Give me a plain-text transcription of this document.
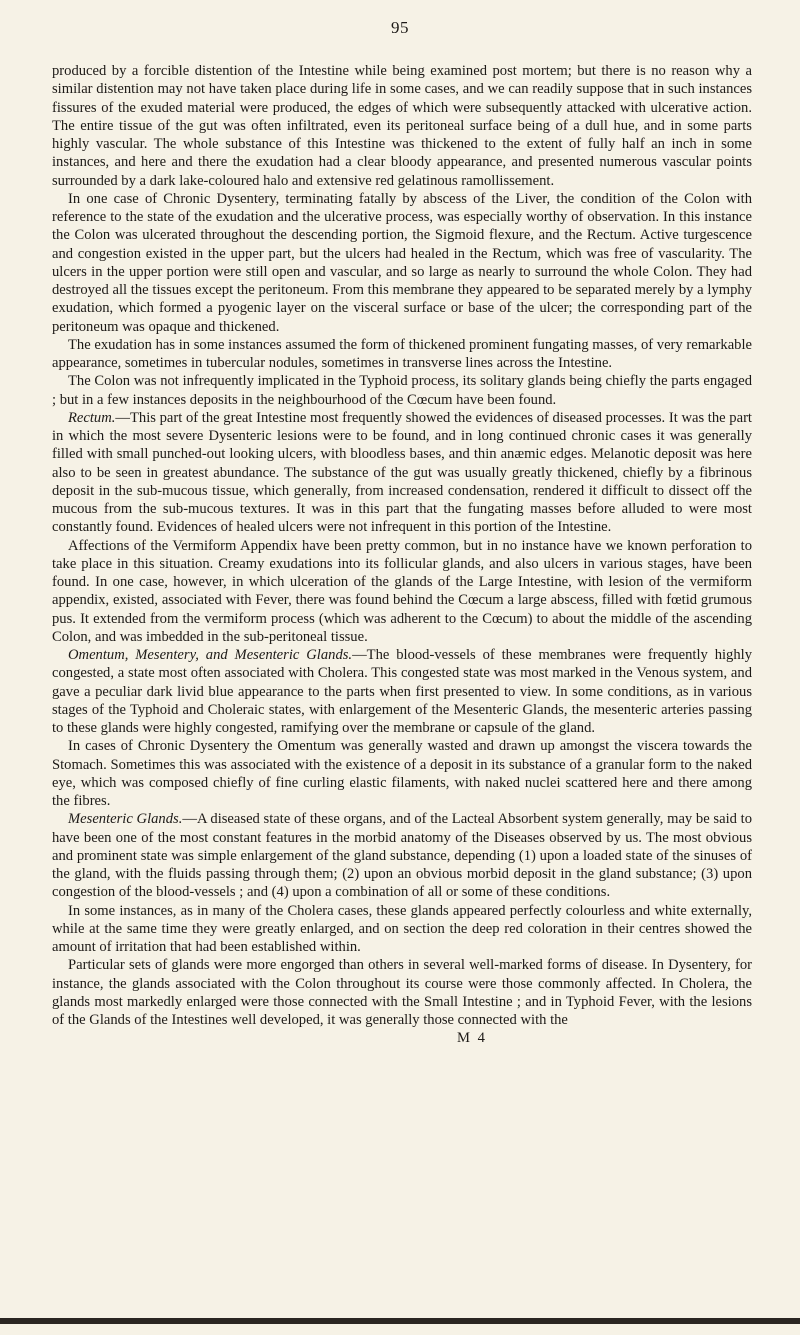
95

produced by a forcible distention of the Intestine while being examined post mortem; but there is no reason why a similar distention may not have taken place during life in some cases, and we can readily suppose that in such instances fissures of the exuded material were produced, the edges of which were subsequently attacked with ulcerative action. The entire tissue of the gut was often infiltrated, even its peritoneal surface being of a dull hue, and in some parts highly vascular. The whole substance of this Intestine was thickened to the extent of fully half an inch in some instances, and here and there the exudation had a clear bloody appearance, and presented numerous vascular points surrounded by a dark lake-coloured halo and extensive red gelatinous ramollissement.

In one case of Chronic Dysentery, terminating fatally by abscess of the Liver, the condition of the Colon with reference to the state of the exudation and the ulcerative process, was especially worthy of observation. In this instance the Colon was ulcerated throughout the descending portion, the Sigmoid flexure, and the Rectum. Active turgescence and congestion existed in the upper part, but the ulcers had healed in the Rectum, which was free of vascularity. The ulcers in the upper portion were still open and vascular, and so large as nearly to surround the whole Colon. They had destroyed all the tissues except the peritoneum. From this membrane they appeared to be separated merely by a lymphy exudation, which formed a pyogenic layer on the visceral surface or base of the ulcer; the corresponding part of the peritoneum was opaque and thickened.

The exudation has in some instances assumed the form of thickened prominent fungating masses, of very remarkable appearance, sometimes in tubercular nodules, sometimes in transverse lines across the Intestine.

The Colon was not infrequently implicated in the Typhoid process, its solitary glands being chiefly the parts engaged ; but in a few instances deposits in the neighbourhood of the Cœcum have been found.

Rectum.—This part of the great Intestine most frequently showed the evidences of diseased processes. It was the part in which the most severe Dysenteric lesions were to be found, and in long continued chronic cases it was generally filled with small punched-out looking ulcers, with bloodless bases, and thin anæmic edges. Melanotic deposit was here also to be seen in greatest abundance. The substance of the gut was usually greatly thickened, chiefly by a fibrinous deposit in the sub-mucous tissue, which generally, from increased condensation, rendered it difficult to dissect off the mucous from the sub-mucous textures. It was in this part that the fungating masses before alluded to were most constantly found. Evidences of healed ulcers were not infrequent in this portion of the Intestine.

Affections of the Vermiform Appendix have been pretty common, but in no instance have we known perforation to take place in this situation. Creamy exudations into its follicular glands, and also ulcers in various stages, have been found. In one case, however, in which ulceration of the glands of the Large Intestine, with lesion of the vermiform appendix, existed, associated with Fever, there was found behind the Cœcum a large abscess, filled with fœtid grumous pus. It extended from the vermiform process (which was adherent to the Cœcum) to about the middle of the ascending Colon, and was imbedded in the sub-peritoneal tissue.

Omentum, Mesentery, and Mesenteric Glands.—The blood-vessels of these membranes were frequently highly congested, a state most often associated with Cholera. This congested state was most marked in the Venous system, and gave a peculiar dark livid blue appearance to the parts when first presented to view. In some conditions, as in various stages of the Typhoid and Choleraic states, with enlargement of the Mesenteric Glands, the mesenteric arteries passing to these glands were highly congested, ramifying over the membrane or capsule of the gland.

In cases of Chronic Dysentery the Omentum was generally wasted and drawn up amongst the viscera towards the Stomach. Sometimes this was associated with the existence of a deposit in its substance of a granular form to the naked eye, which was composed chiefly of fine curling elastic filaments, with naked nuclei scattered here and there among the fibres.

Mesenteric Glands.—A diseased state of these organs, and of the Lacteal Absorbent system generally, may be said to have been one of the most constant features in the morbid anatomy of the Diseases observed by us. The most obvious and prominent state was simple enlargement of the gland substance, depending (1) upon a loaded state of the sinuses of the gland, with the fluids passing through them; (2) upon an obvious morbid deposit in the gland substance; (3) upon congestion of the blood-vessels ; and (4) upon a combination of all or some of these conditions.

In some instances, as in many of the Cholera cases, these glands appeared perfectly colourless and white externally, while at the same time they were greatly enlarged, and on section the deep red coloration in their centres showed the amount of irritation that had been established within.

Particular sets of glands were more engorged than others in several well-marked forms of disease. In Dysentery, for instance, the glands associated with the Colon throughout its course were those commonly affected. In Cholera, the glands most markedly enlarged were those connected with the Small Intestine ; and in Typhoid Fever, with the lesions of the Glands of the Intestines well developed, it was generally those connected with the

M 4
